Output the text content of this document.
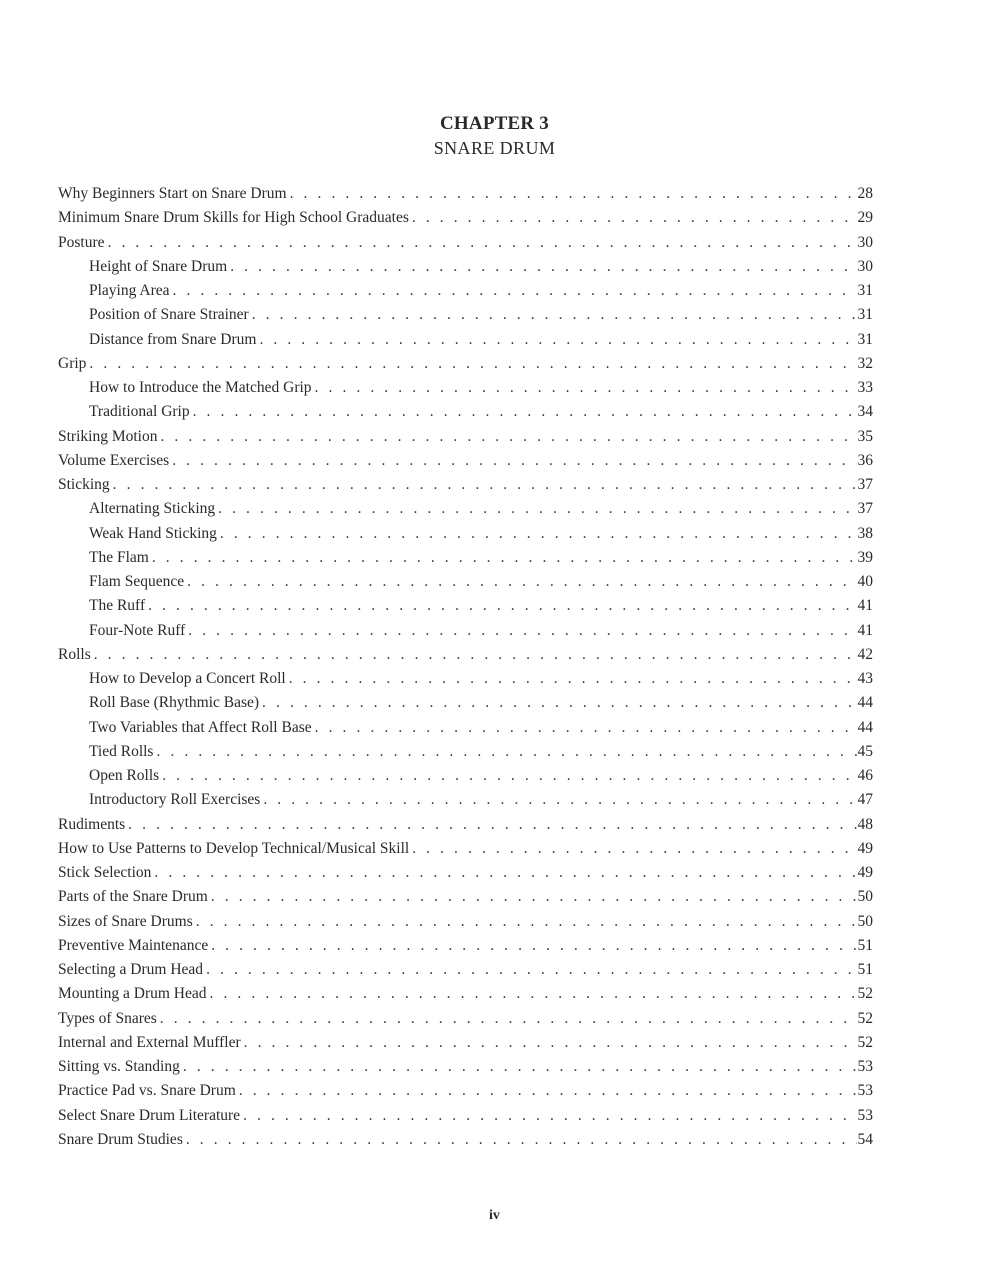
CHAPTER 3
SNARE DRUM
Why Beginners Start on Snare Drum . . .	28
Minimum Snare Drum Skills for High School Graduates . . .	29
Posture . . .	30
Height of Snare Drum . . .	30
Playing Area . . .	31
Position of Snare Strainer . . .	31
Distance from Snare Drum . . .	31
Grip . . .	32
How to Introduce the Matched Grip . . .	33
Traditional Grip . . .	34
Striking Motion . . .	35
Volume Exercises . . .	36
Sticking . . .	37
Alternating Sticking . . .	37
Weak Hand Sticking . . .	38
The Flam . . .	39
Flam Sequence . . .	40
The Ruff . . .	41
Four-Note Ruff . . .	41
Rolls . . .	42
How to Develop a Concert Roll . . .	43
Roll Base (Rhythmic Base) . . .	44
Two Variables that Affect Roll Base . . .	44
Tied Rolls . . .	45
Open Rolls . . .	46
Introductory Roll Exercises . . .	47
Rudiments . . .	48
How to Use Patterns to Develop Technical/Musical Skill . . .	49
Stick Selection . . .	49
Parts of the Snare Drum . . .	50
Sizes of Snare Drums . . .	50
Preventive Maintenance . . .	51
Selecting a Drum Head . . .	51
Mounting a Drum Head . . .	52
Types of Snares . . .	52
Internal and External Muffler . . .	52
Sitting vs. Standing . . .	53
Practice Pad vs. Snare Drum . . .	53
Select Snare Drum Literature . . .	53
Snare Drum Studies . . .	54
iv
